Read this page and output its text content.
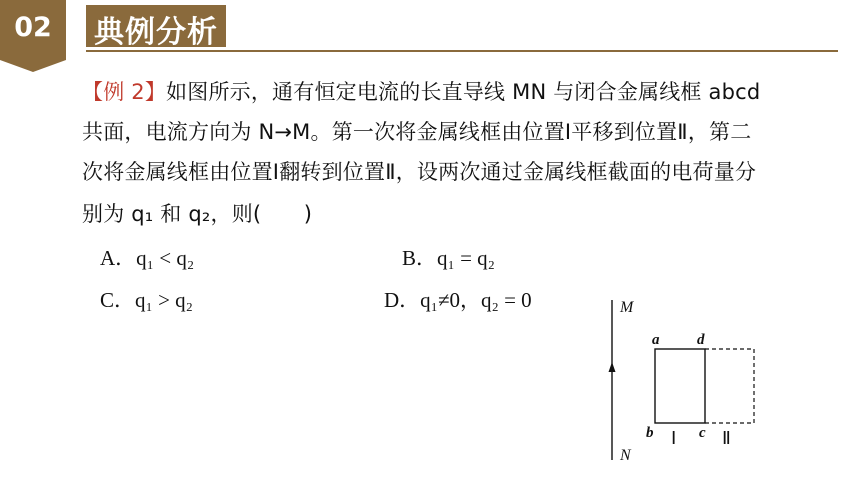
02	典例分析
【例 2】如图所示，通有恒定电流的长直导线 MN 与闭合金属线框 abcd
共面，电流方向为 N→M。第一次将金属线框由位置Ⅰ平移到位置Ⅱ，第二
次将金属线框由位置Ⅰ翻转到位置Ⅱ，设两次通过金属线框截面的电荷量分
别为 q₁ 和 q₂，则(　　)
A．q₁ < q₂	B．q₁ = q₂
C．q₁ > q₂	D．q₁≠0，q₂ = 0	M
N
a	d
b	c
Ⅰ	Ⅱ
